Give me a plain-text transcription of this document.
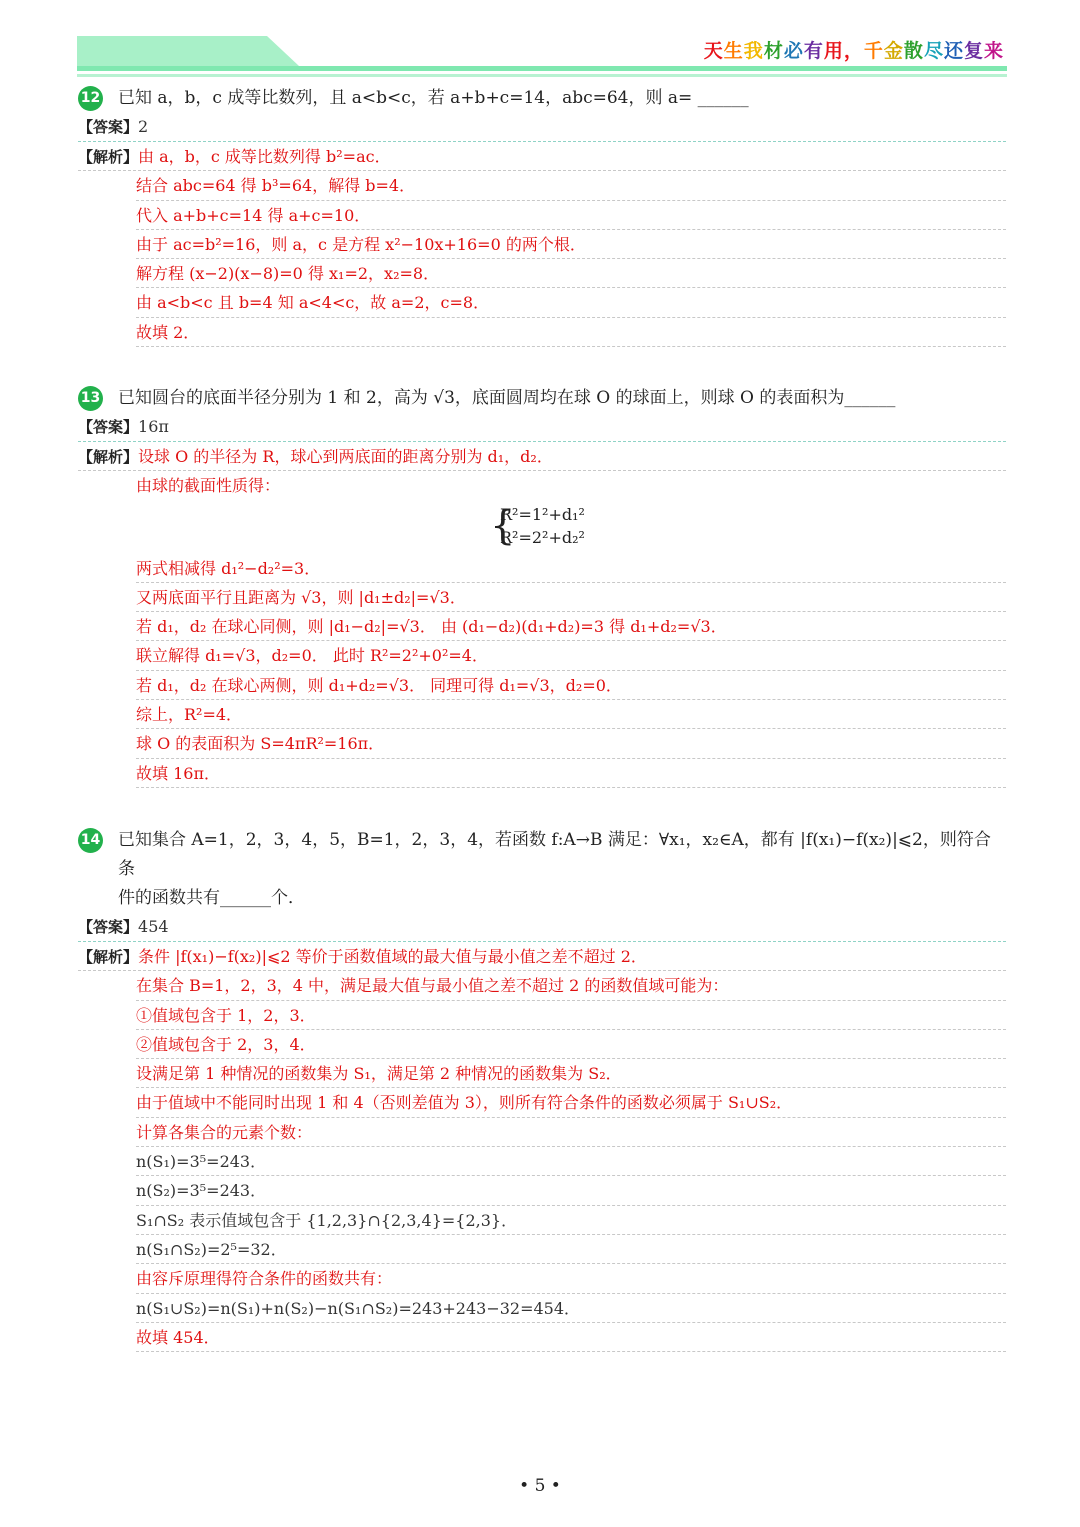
天生我材必有用，千金散尽还复来
12 已知 a，b，c 成等比数列，且 a<b<c，若 a+b+c=14，abc=64，则 a= ______
【答案】2
【解析】由 a，b，c 成等比数列得 b²=ac．
结合 abc=64 得 b³=64，解得 b=4．
代入 a+b+c=14 得 a+c=10．
由于 ac=b²=16，则 a，c 是方程 x²−10x+16=0 的两个根．
解方程 (x−2)(x−8)=0 得 x₁=2，x₂=8．
由 a<b<c 且 b=4 知 a<4<c，故 a=2，c=8．
故填 2．
13 已知圆台的底面半径分别为 1 和 2，高为 √3，底面圆周均在球 O 的球面上，则球 O 的表面积为______
【答案】16π
【解析】设球 O 的半径为 R，球心到两底面的距离分别为 d₁，d₂．
由球的截面性质得：
{
R²=1²+d₁²
R²=2²+d₂²
两式相减得 d₁²−d₂²=3．
又两底面平行且距离为 √3，则 |d₁±d₂|=√3．
若 d₁，d₂ 在球心同侧，则 |d₁−d₂|=√3． 由 (d₁−d₂)(d₁+d₂)=3 得 d₁+d₂=√3．
联立解得 d₁=√3，d₂=0． 此时 R²=2²+0²=4．
若 d₁，d₂ 在球心两侧，则 d₁+d₂=√3． 同理可得 d₁=√3，d₂=0．
综上，R²=4．
球 O 的表面积为 S=4πR²=16π．
故填 16π．
14 已知集合 A=1，2，3，4，5，B=1，2，3，4，若函数 f:A→B 满足：∀x₁，x₂∈A，都有 |f(x₁)−f(x₂)|⩽2，则符合条
件的函数共有______个．
【答案】454
【解析】条件 |f(x₁)−f(x₂)|⩽2 等价于函数值域的最大值与最小值之差不超过 2．
在集合 B=1，2，3，4 中，满足最大值与最小值之差不超过 2 的函数值域可能为：
①值域包含于 1，2，3．
②值域包含于 2，3，4．
设满足第 1 种情况的函数集为 S₁，满足第 2 种情况的函数集为 S₂．
由于值域中不能同时出现 1 和 4（否则差值为 3），则所有符合条件的函数必须属于 S₁∪S₂．
计算各集合的元素个数：
n(S₁)=3⁵=243．
n(S₂)=3⁵=243．
S₁∩S₂ 表示值域包含于 {1,2,3}∩{2,3,4}={2,3}．
n(S₁∩S₂)=2⁵=32．
由容斥原理得符合条件的函数共有：
n(S₁∪S₂)=n(S₁)+n(S₂)−n(S₁∩S₂)=243+243−32=454．
故填 454．
• 5 •
